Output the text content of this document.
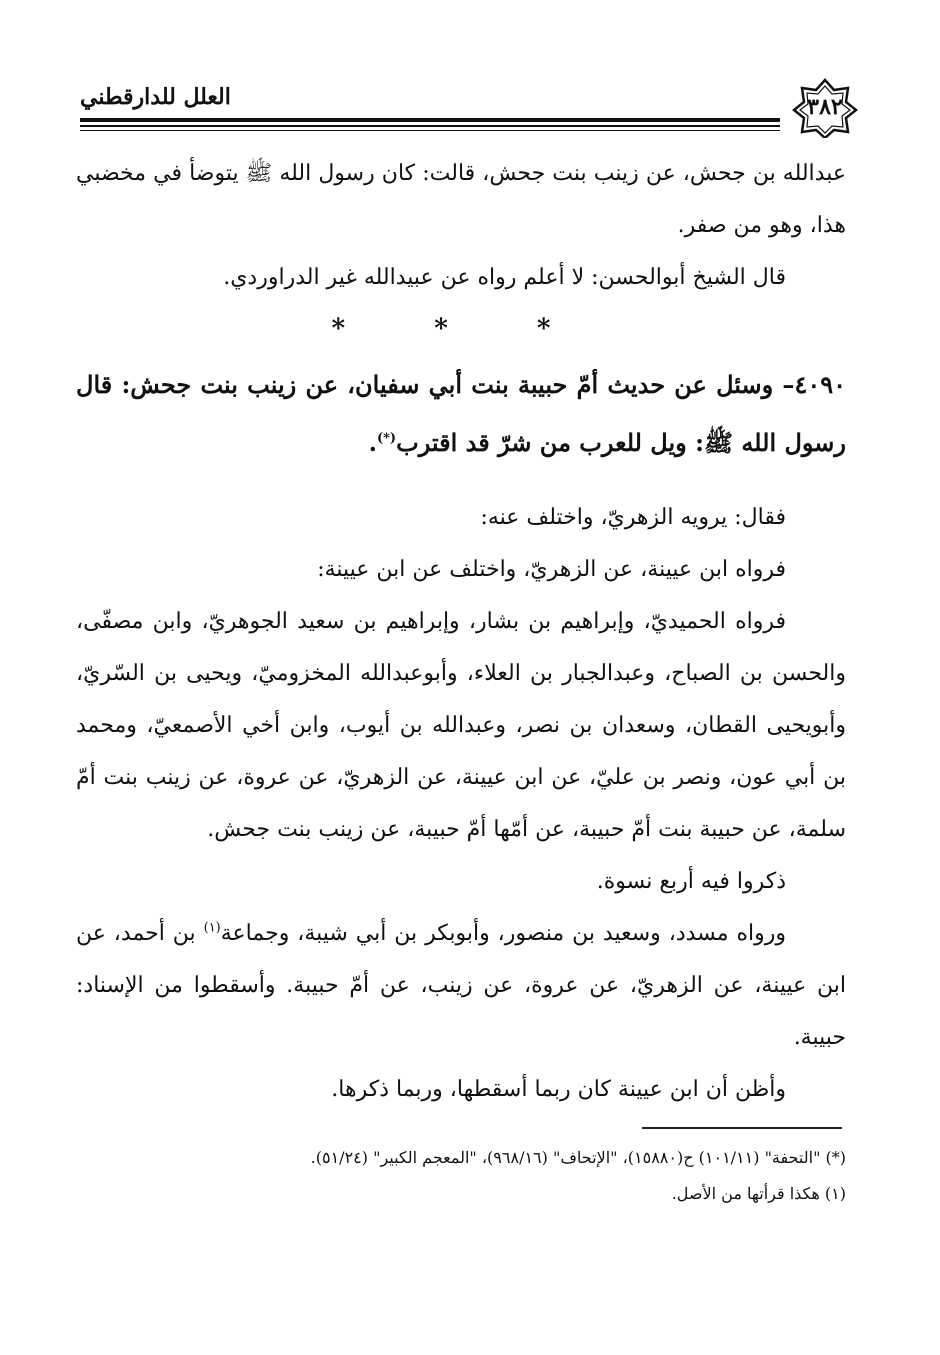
العلل للدارقطني	٣٨٢

عبدالله بن جحش، عن زينب بنت جحش، قالت: كان رسول الله ﷺ يتوضأ في مخضبي هذا، وهو من صفر.

قال الشيخ أبوالحسن: لا أعلم رواه عن عبيدالله غير الدراوردي.

* * *

٤٠٩٠– وسئل عن حديث أمّ حبيبة بنت أبي سفيان، عن زينب بنت جحش: قال رسول الله ﷺ: ويل للعرب من شرّ قد اقترب(*).

فقال: يرويه الزهريّ، واختلف عنه:

فرواه ابن عيينة، عن الزهريّ، واختلف عن ابن عيينة:

فرواه الحميديّ، وإبراهيم بن بشار، وإبراهيم بن سعيد الجوهريّ، وابن مصفّى، والحسن بن الصباح، وعبدالجبار بن العلاء، وأبوعبدالله المخزوميّ، ويحيى بن السّريّ، وأبويحيى القطان، وسعدان بن نصر، وعبدالله بن أيوب، وابن أخي الأصمعيّ، ومحمد بن أبي عون، ونصر بن عليّ، عن ابن عيينة، عن الزهريّ، عن عروة، عن زينب بنت أمّ سلمة، عن حبيبة بنت أمّ حبيبة، عن أمّها أمّ حبيبة، عن زينب بنت جحش.

ذكروا فيه أربع نسوة.

ورواه مسدد، وسعيد بن منصور، وأبوبكر بن أبي شيبة، وجماعة$^{(١)}$ بن أحمد، عن ابن عيينة، عن الزهريّ، عن عروة، عن زينب، عن أمّ حبيبة. وأسقطوا من الإسناد: حبيبة.

وأظن أن ابن عيينة كان ربما أسقطها، وربما ذكرها.

(*) "التحفة" (١٠١/١١) ح(١٥٨٨٠)، "الإتحاف" (٩٦٨/١٦)، "المعجم الكبير" (٥١/٢٤).

(١) هكذا قرأتها من الأصل.
